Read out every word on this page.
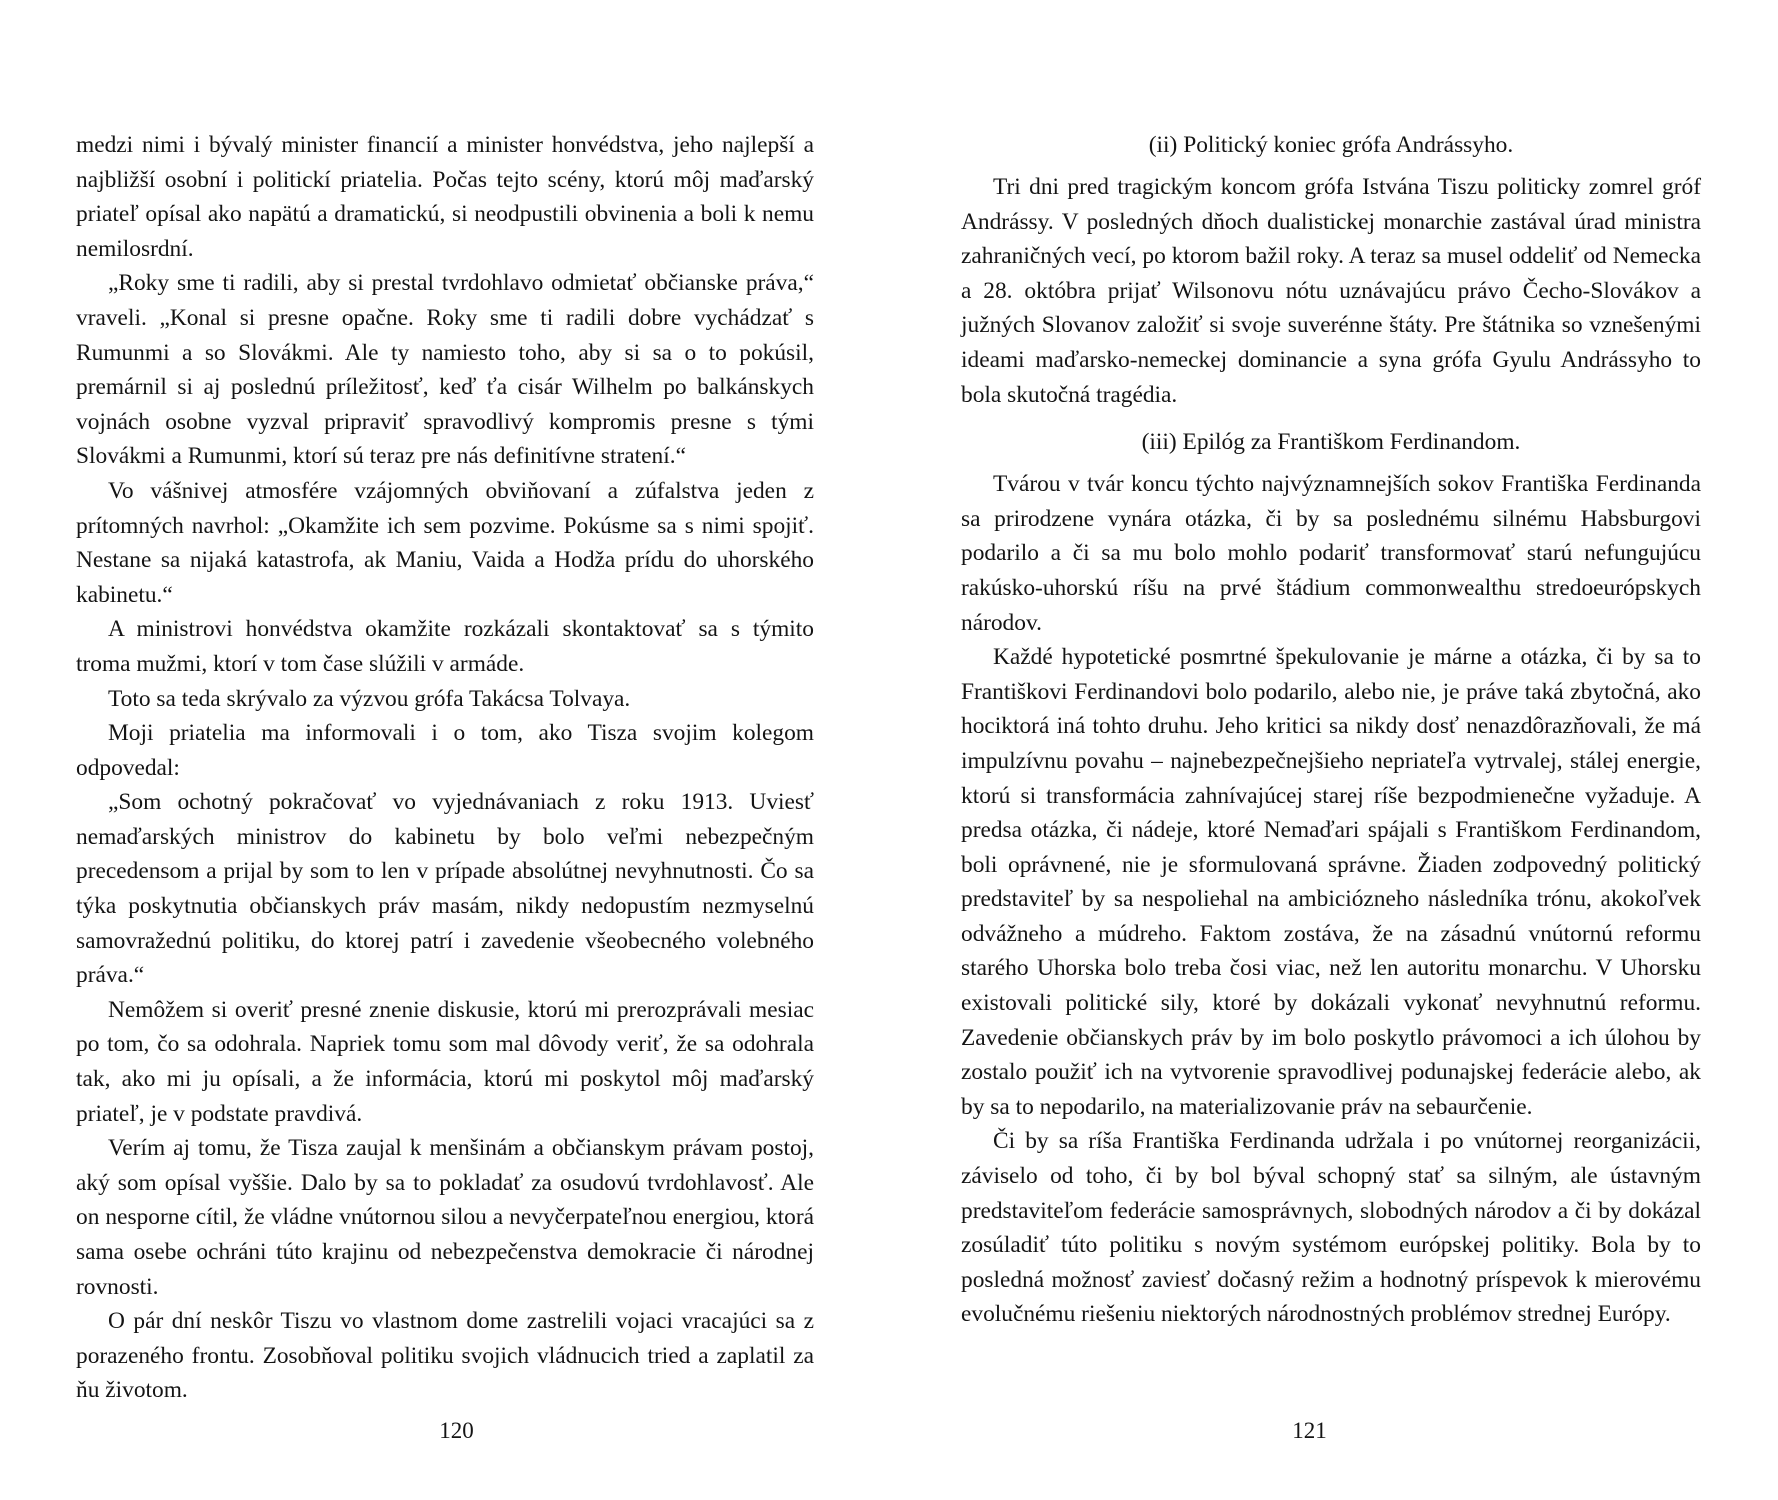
medzi nimi i bývalý minister financií a minister honvédstva, jeho najlepší a najbližší osobní i politickí priatelia. Počas tejto scény, ktorú môj maďarský priateľ opísal ako napätú a dramatickú, si neodpustili obvinenia a boli k nemu nemilosrdní.

„Roky sme ti radili, aby si prestal tvrdohlavo odmietať občianske práva,“ vraveli. „Konal si presne opačne. Roky sme ti radili dobre vychádzať s Rumunmi a so Slovákmi. Ale ty namiesto toho, aby si sa o to pokúsil, premárnil si aj poslednú príležitosť, keď ťa cisár Wilhelm po balkánskych vojnách osobne vyzval pripraviť spravodlivý kompromis presne s tými Slovákmi a Rumunmi, ktorí sú teraz pre nás definitívne stratení.“

Vo vášnivej atmosfére vzájomných obviňovaní a zúfalstva jeden z prítomných navrhol: „Okamžite ich sem pozvime. Pokúsme sa s nimi spojiť. Nestane sa nijaká katastrofa, ak Maniu, Vaida a Hodža prídu do uhorského kabinetu.“

A ministrovi honvédstva okamžite rozkázali skontaktovať sa s týmito troma mužmi, ktorí v tom čase slúžili v armáde.

Toto sa teda skrývalo za výzvou grófa Takácsa Tolvaya.

Moji priatelia ma informovali i o tom, ako Tisza svojim kolegom odpovedal:

„Som ochotný pokračovať vo vyjednávaniach z roku 1913. Uviesť nemaďarských ministrov do kabinetu by bolo veľmi nebezpečným precedensom a prijal by som to len v prípade absolútnej nevyhnutnosti. Čo sa týka poskytnutia občianskych práv masám, nikdy nedopustím nezmyselnú samovražednú politiku, do ktorej patrí i zavedenie všeobecného volebného práva.“

Nemôžem si overiť presné znenie diskusie, ktorú mi prerozprávali mesiac po tom, čo sa odohrala. Napriek tomu som mal dôvody veriť, že sa odohrala tak, ako mi ju opísali, a že informácia, ktorú mi poskytol môj maďarský priateľ, je v podstate pravdivá.

Verím aj tomu, že Tisza zaujal k menšinám a občianskym právam postoj, aký som opísal vyššie. Dalo by sa to pokladať za osudovú tvrdohlavosť. Ale on nesporne cítil, že vládne vnútornou silou a nevyčerpateľnou energiou, ktorá sama osebe ochráni túto krajinu od nebezpečenstva demokracie či národnej rovnosti.

O pár dní neskôr Tiszu vo vlastnom dome zastrelili vojaci vracajúci sa z porazeného frontu. Zosobňoval politiku svojich vládnucich tried a zaplatil za ňu životom.

120
(ii) Politický koniec grófa Andrássyho.

Tri dni pred tragickým koncom grófa Istvána Tiszu politicky zomrel gróf Andrássy. V posledných dňoch dualistickej monarchie zastával úrad ministra zahraničných vecí, po ktorom bažil roky. A teraz sa musel oddeliť od Nemecka a 28. októbra prijať Wilsonovu nótu uznávajúcu právo Čecho-Slovákov a južných Slovanov založiť si svoje suverénne štáty. Pre štátnika so vznešenými ideami maďarsko-nemeckej dominancie a syna grófa Gyulu Andrássyho to bola skutočná tragédia.

(iii) Epilóg za Františkom Ferdinandom.

Tvárou v tvár koncu týchto najvýznamnejších sokov Františka Ferdinanda sa prirodzene vynára otázka, či by sa poslednému silnému Habsburgovi podarilo a či sa mu bolo mohlo podariť transformovať starú nefungujúcu rakúsko-uhorskú ríšu na prvé štádium commonwealthu stredoeurópskych národov.

Každé hypotetické posmrtné špekulovanie je márne a otázka, či by sa to Františkovi Ferdinandovi bolo podarilo, alebo nie, je práve taká zbytočná, ako hociktorá iná tohto druhu. Jeho kritici sa nikdy dosť nenazdôrazňovali, že má impulzívnu povahu – najnebezpečnejšieho nepriateľa vytrvalej, stálej energie, ktorú si transformácia zahnívajúcej starej ríše bezpodmienečne vyžaduje. A predsa otázka, či nádeje, ktoré Nemaďari spájali s Františkom Ferdinandom, boli oprávnené, nie je sformulovaná správne. Žiaden zodpovedný politický predstaviteľ by sa nespoliehal na ambiciózneho následníka trónu, akokoľvek odvážneho a múdreho. Faktom zostáva, že na zásadnú vnútornú reformu starého Uhorska bolo treba čosi viac, než len autoritu monarchu. V Uhorsku existovali politické sily, ktoré by dokázali vykonať nevyhnutnú reformu. Zavedenie občianskych práv by im bolo poskytlo právomoci a ich úlohou by zostalo použiť ich na vytvorenie spravodlivej podunajskej federácie alebo, ak by sa to nepodarilo, na materializovanie práv na sebaurčenie.

Či by sa ríša Františka Ferdinanda udržala i po vnútornej reorganizácii, záviselo od toho, či by bol býval schopný stať sa silným, ale ústavným predstaviteľom federácie samosprávnych, slobodných národov a či by dokázal zosúladiť túto politiku s novým systémom európskej politiky. Bola by to posledná možnosť zaviesť dočasný režim a hodnotný príspevok k mierovému evolučnému riešeniu niektorých národnostných problémov strednej Európy.

121
